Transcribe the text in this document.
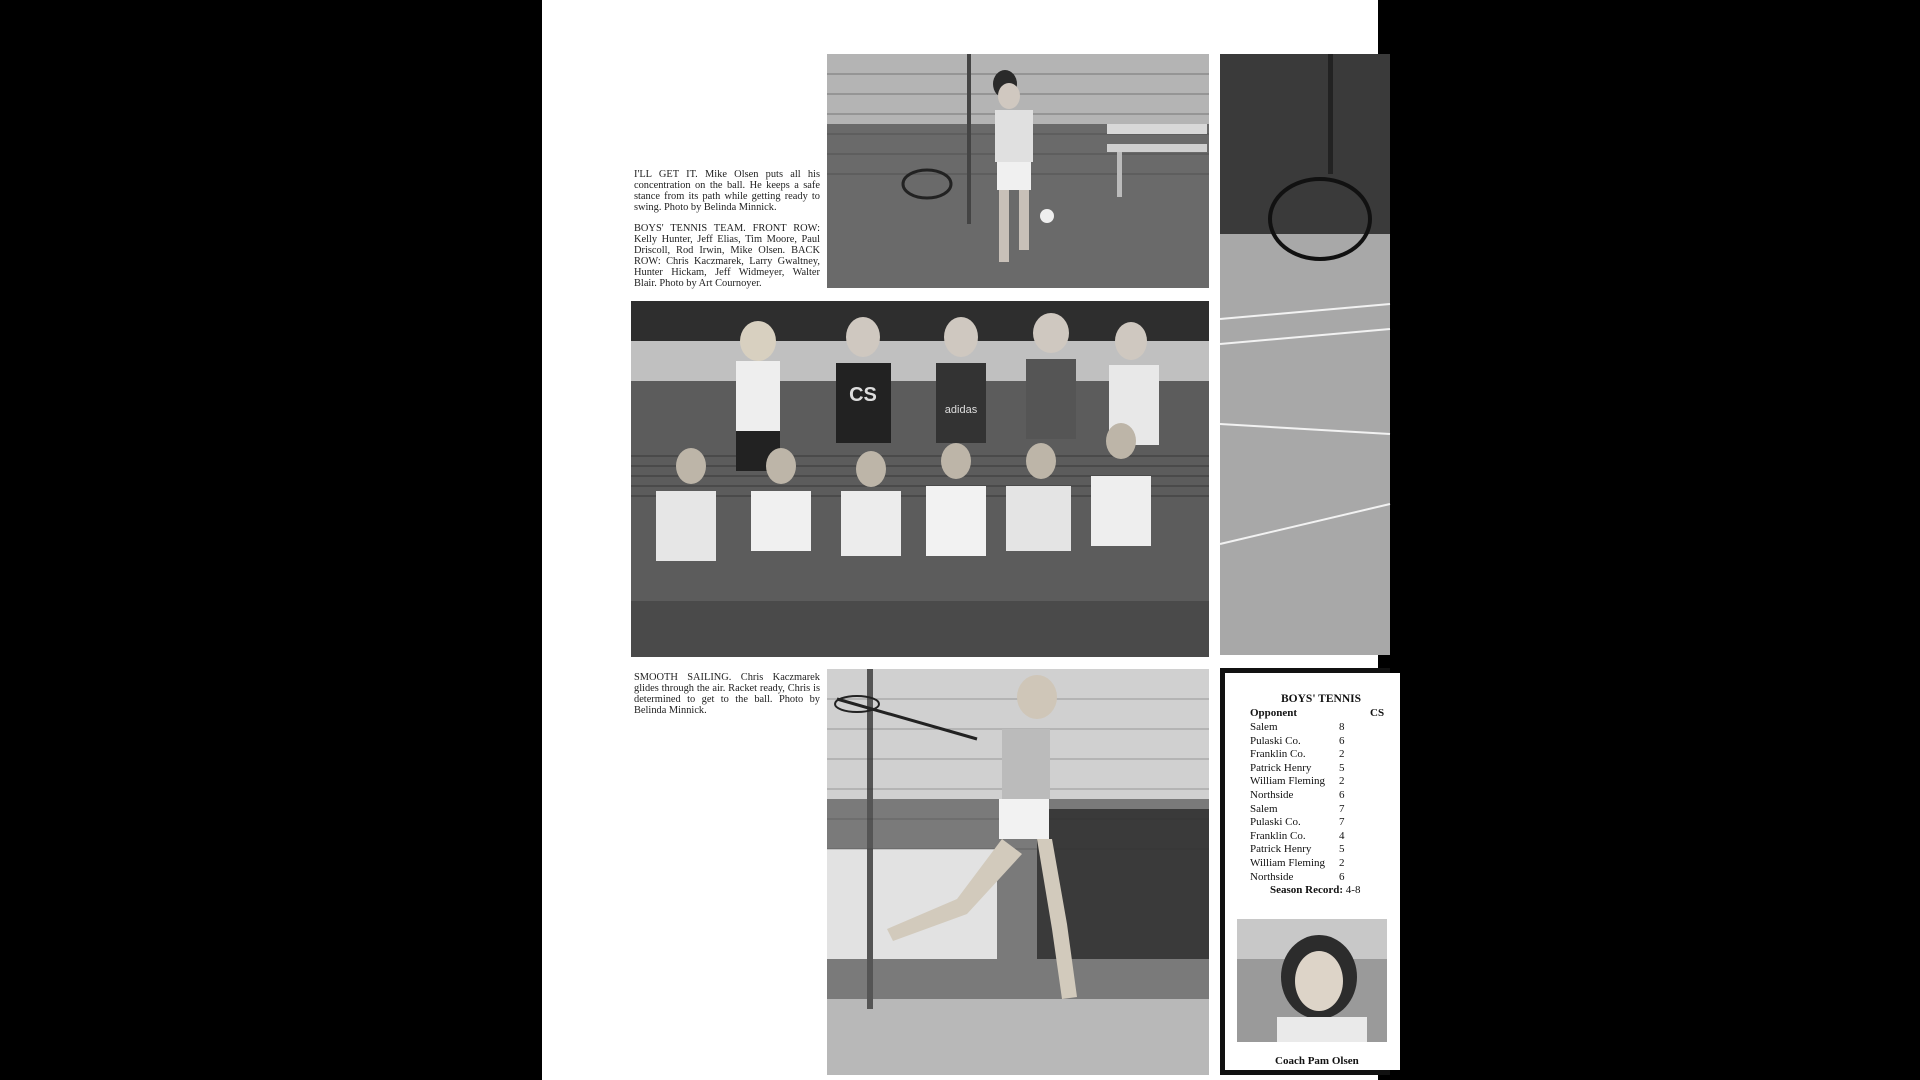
I'LL GET IT. Mike Olsen puts all his concentration on the ball. He keeps a safe stance from its path while getting ready to swing. Photo by Belinda Minnick.
BOYS' TENNIS TEAM. FRONT ROW: Kelly Hunter, Jeff Elias, Tim Moore, Paul Driscoll, Rod Irwin, Mike Olsen. BACK ROW: Chris Kaczmarek, Larry Gwaltney, Hunter Hickam, Jeff Widmeyer, Walter Blair. Photo by Art Cournoyer.
SMOOTH SAILING. Chris Kaczmarek glides through the air. Racket ready, Chris is determined to get to the ball. Photo by Belinda Minnick.
CS
adidas
BOYS' TENNIS
Opponent	CS
Salem	8
Pulaski Co.	6
Franklin Co.	2
Patrick Henry	5
William Fleming 2
Northside	6
Salem	7
Pulaski Co.	7
Franklin Co.	4
Patrick Henry	5
William Fleming 2
Northside	6
Season Record: 4-8
Coach Pam Olsen
